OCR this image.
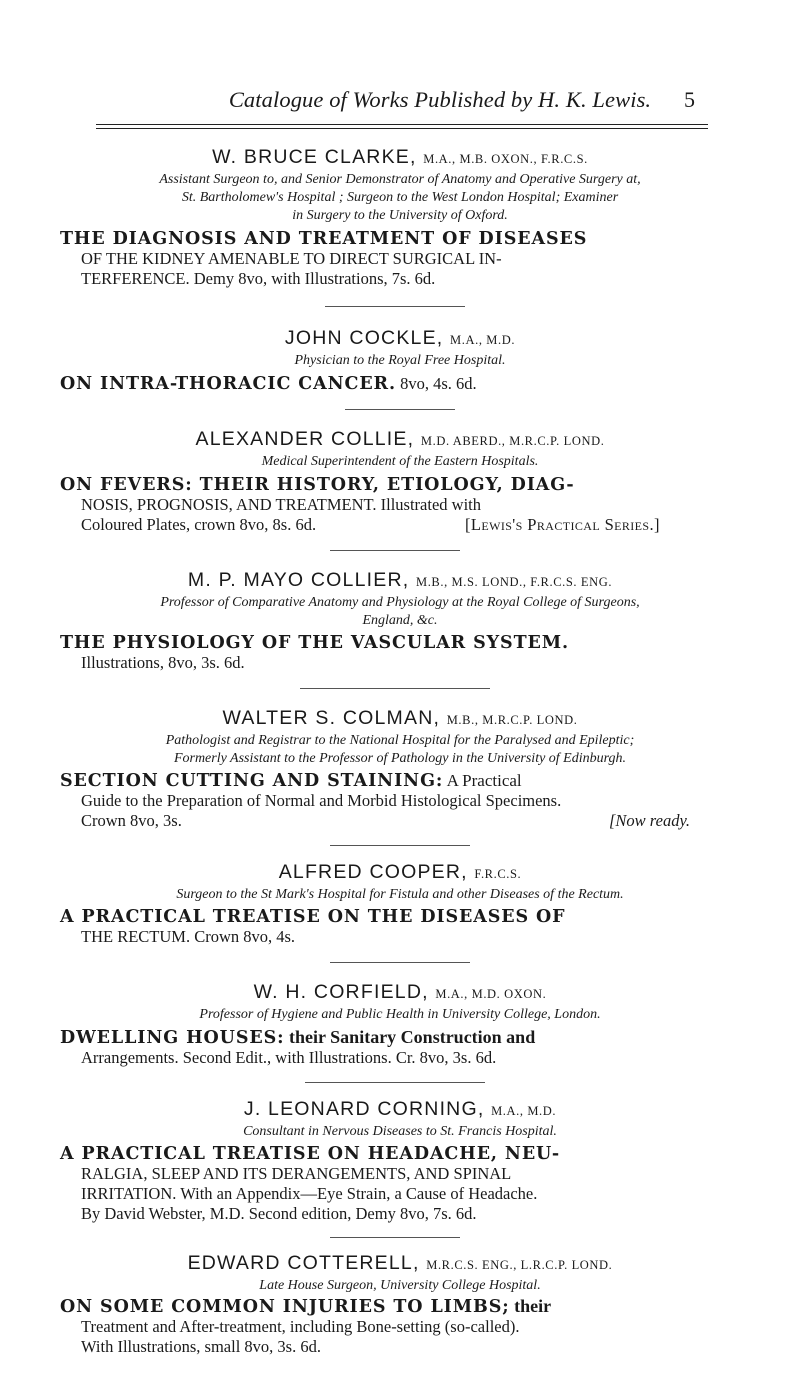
Catalogue of Works Published by H. K. Lewis.	5
W. BRUCE CLARKE, M.A., M.B. OXON., F.R.C.S.
Assistant Surgeon to, and Senior Demonstrator of Anatomy and Operative Surgery at,
St. Bartholomew's Hospital ; Surgeon to the West London Hospital; Examiner
in Surgery to the University of Oxford.
THE DIAGNOSIS AND TREATMENT OF DISEASES
OF THE KIDNEY AMENABLE TO DIRECT SURGICAL IN-
TERFERENCE. Demy 8vo, with Illustrations, 7s. 6d.
JOHN COCKLE, M.A., M.D.
Physician to the Royal Free Hospital.
ON INTRA-THORACIC CANCER. 8vo, 4s. 6d.
ALEXANDER COLLIE, M.D. ABERD., M.R.C.P. LOND.
Medical Superintendent of the Eastern Hospitals.
ON FEVERS: THEIR HISTORY, ETIOLOGY, DIAG-
NOSIS, PROGNOSIS, AND TREATMENT. Illustrated with
Coloured Plates, crown 8vo, 8s. 6d.	[Lewis's Practical Series.]
M. P. MAYO COLLIER, M.B., M.S. LOND., F.R.C.S. ENG.
Professor of Comparative Anatomy and Physiology at the Royal College of Surgeons,
England, &c.
THE PHYSIOLOGY OF THE VASCULAR SYSTEM.
Illustrations, 8vo, 3s. 6d.
WALTER S. COLMAN, M.B., M.R.C.P. LOND.
Pathologist and Registrar to the National Hospital for the Paralysed and Epileptic;
Formerly Assistant to the Professor of Pathology in the University of Edinburgh.
SECTION CUTTING AND STAINING: A Practical
Guide to the Preparation of Normal and Morbid Histological Specimens.
Crown 8vo, 3s.	[Now ready.
ALFRED COOPER, F.R.C.S.
Surgeon to the St Mark's Hospital for Fistula and other Diseases of the Rectum.
A PRACTICAL TREATISE ON THE DISEASES OF
THE RECTUM. Crown 8vo, 4s.
W. H. CORFIELD, M.A., M.D. OXON.
Professor of Hygiene and Public Health in University College, London.
DWELLING HOUSES: their Sanitary Construction and
Arrangements. Second Edit., with Illustrations. Cr. 8vo, 3s. 6d.
J. LEONARD CORNING, M.A., M.D.
Consultant in Nervous Diseases to St. Francis Hospital.
A PRACTICAL TREATISE ON HEADACHE, NEU-
RALGIA, SLEEP AND ITS DERANGEMENTS, AND SPINAL
IRRITATION. With an Appendix—Eye Strain, a Cause of Headache.
By David Webster, M.D. Second edition, Demy 8vo, 7s. 6d.
EDWARD COTTERELL, M.R.C.S. ENG., L.R.C.P. LOND.
Late House Surgeon, University College Hospital.
ON SOME COMMON INJURIES TO LIMBS; their
Treatment and After-treatment, including Bone-setting (so-called).
With Illustrations, small 8vo, 3s. 6d.
